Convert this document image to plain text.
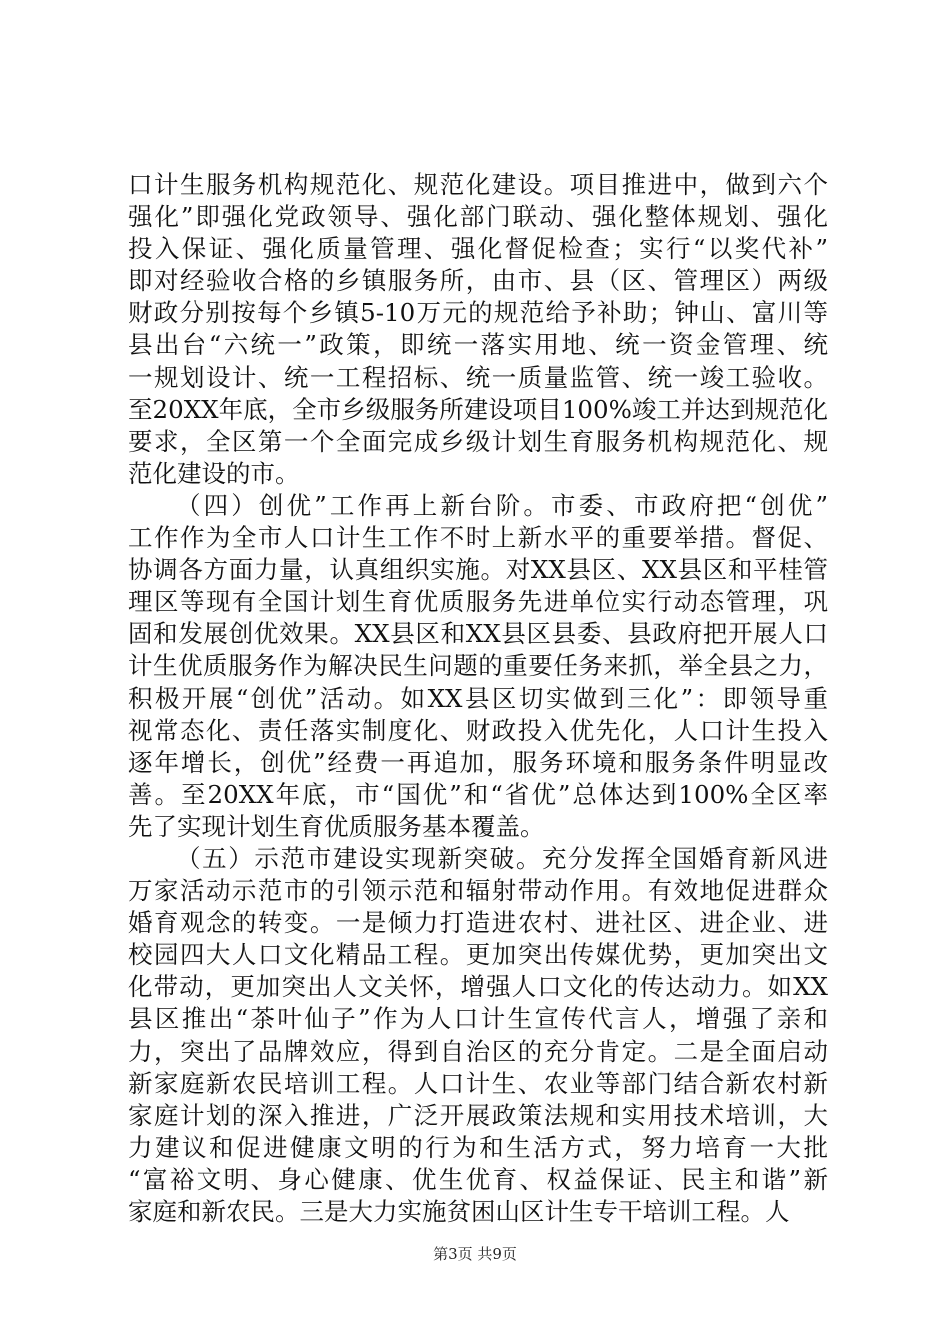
口计生服务机构规范化、规范化建设。项目推进中，做到六个
强化”即强化党政领导、强化部门联动、强化整体规划、强化
投入保证、强化质量管理、强化督促检查；实行“以奖代补”
即对经验收合格的乡镇服务所，由市、县（区、管理区）两级
财政分别按每个乡镇5-10万元的规范给予补助；钟山、富川等
县出台“六统一”政策，即统一落实用地、统一资金管理、统
一规划设计、统一工程招标、统一质量监管、统一竣工验收。
至20XX年底，全市乡级服务所建设项目100%竣工并达到规范化
要求，全区第一个全面完成乡级计划生育服务机构规范化、规
范化建设的市。
（四）创优”工作再上新台阶。市委、市政府把“创优”
工作作为全市人口计生工作不时上新水平的重要举措。督促、
协调各方面力量，认真组织实施。对XX县区、XX县区和平桂管
理区等现有全国计划生育优质服务先进单位实行动态管理，巩
固和发展创优效果。XX县区和XX县区县委、县政府把开展人口
计生优质服务作为解决民生问题的重要任务来抓，举全县之力，
积极开展“创优”活动。如XX县区切实做到三化”：即领导重
视常态化、责任落实制度化、财政投入优先化，人口计生投入
逐年增长，创优”经费一再追加，服务环境和服务条件明显改
善。至20XX年底，市“国优”和“省优”总体达到100%全区率
先了实现计划生育优质服务基本覆盖。
（五）示范市建设实现新突破。充分发挥全国婚育新风进
万家活动示范市的引领示范和辐射带动作用。有效地促进群众
婚育观念的转变。一是倾力打造进农村、进社区、进企业、进
校园四大人口文化精品工程。更加突出传媒优势，更加突出文
化带动，更加突出人文关怀，增强人口文化的传达动力。如XX
县区推出“茶叶仙子”作为人口计生宣传代言人，增强了亲和
力，突出了品牌效应，得到自治区的充分肯定。二是全面启动
新家庭新农民培训工程。人口计生、农业等部门结合新农村新
家庭计划的深入推进，广泛开展政策法规和实用技术培训，大
力建议和促进健康文明的行为和生活方式，努力培育一大批
“富裕文明、身心健康、优生优育、权益保证、民主和谐”新
家庭和新农民。三是大力实施贫困山区计生专干培训工程。人
第3页 共9页
